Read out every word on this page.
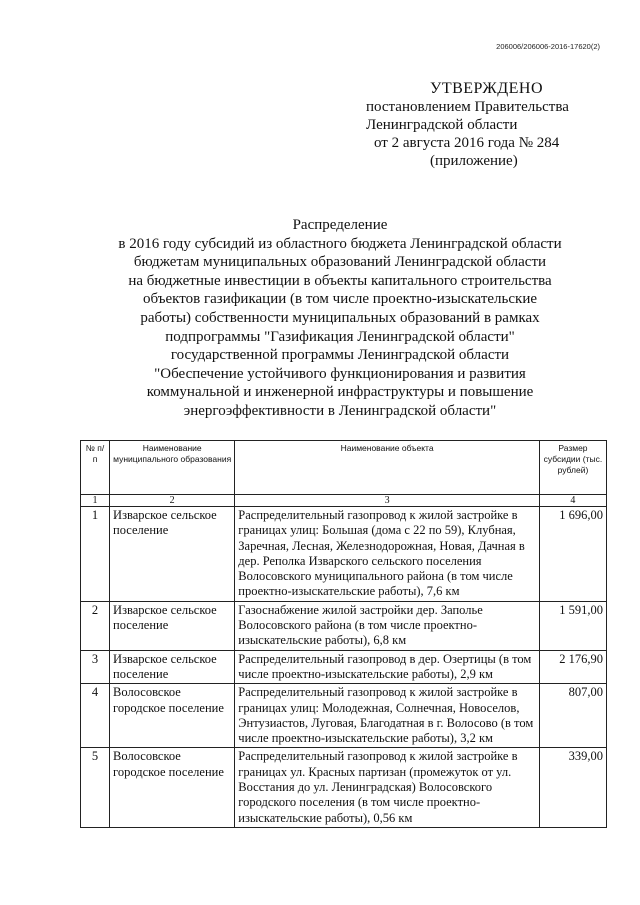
206006/206006-2016-17620(2)
УТВЕРЖДЕНО
постановлением Правительства
Ленинградской области
от 2 августа 2016 года № 284
(приложение)
Распределение
в 2016 году субсидий из областного бюджета Ленинградской области
бюджетам муниципальных образований Ленинградской области
на бюджетные инвестиции в объекты капитального строительства
объектов газификации (в том числе проектно-изыскательские
работы) собственности муниципальных образований в рамках
подпрограммы "Газификация Ленинградской области"
государственной программы Ленинградской области
"Обеспечение устойчивого функционирования и развития
коммунальной и инженерной инфраструктуры и повышение
энергоэффективности в Ленинградской области"
№ п/п	Наименование муниципального образования	Наименование объекта	Размер субсидии (тыс. рублей)
1	2	3	4
1	Изварское сельское поселение	Распределительный газопровод к жилой застройке в границах улиц: Большая (дома с 22 по 59), Клубная, Заречная, Лесная, Железнодорожная, Новая, Дачная в дер. Реполка Изварского сельского поселения Волосовского муниципального района (в том числе проектно-изыскательские работы), 7,6 км	1 696,00
2	Изварское сельское поселение	Газоснабжение жилой застройки дер. Заполье Волосовского района (в том числе проектно-изыскательские работы), 6,8 км	1 591,00
3	Изварское сельское поселение	Распределительный газопровод в дер. Озертицы (в том числе проектно-изыскательские работы), 2,9 км	2 176,90
4	Волосовское городское поселение	Распределительный газопровод к жилой застройке в границах улиц: Молодежная, Солнечная, Новоселов, Энтузиастов, Луговая, Благодатная в г. Волосово (в том числе проектно-изыскательские работы), 3,2 км	807,00
5	Волосовское городское поселение	Распределительный газопровод к жилой застройке в границах ул. Красных партизан (промежуток от ул. Восстания до ул. Ленинградская) Волосовского городского поселения (в том числе проектно-изыскательские работы), 0,56 км	339,00
